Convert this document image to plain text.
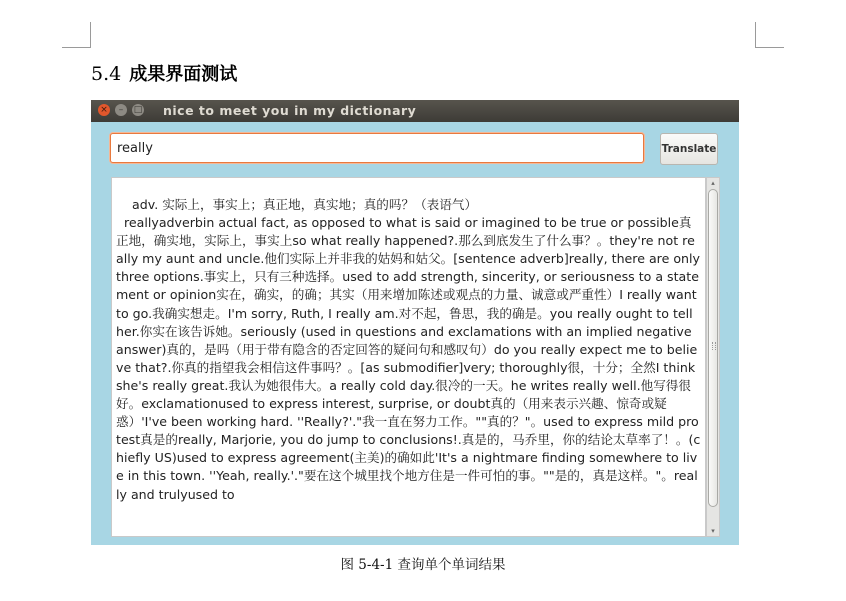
5.4 成果界面测试
×	–	□ nice to meet you in my dictionary
really
Translate

adv. 实际上，事实上；真正地，真实地；真的吗？（表语气）
reallyadverbin actual fact, as opposed to what is said or imagined to be true or possible真正地，确实地，实际上，事实上so what really happened?.那么到底发生了什么事？。they're not really my aunt and uncle.他们实际上并非我的姑妈和姑父。[sentence adverb]really, there are only three options.事实上，只有三种选择。used to add strength, sincerity, or seriousness to a statement or opinion实在，确实，的确；其实（用来增加陈述或观点的力量、诚意或严重性）I really want to go.我确实想走。I'm sorry, Ruth, I really am.对不起，鲁思，我的确是。you really ought to tell her.你实在该告诉她。seriously (used in questions and exclamations with an implied negative answer)真的，是吗（用于带有隐含的否定回答的疑问句和感叹句）do you really expect me to believe that?.你真的指望我会相信这件事吗？。[as submodifier]very; thoroughly很，十分；全然I think she's really great.我认为她很伟大。a really cold day.很冷的一天。he writes really well.他写得很好。exclamationused to express interest, surprise, or doubt真的（用来表示兴趣、惊奇或疑惑）'I've been working hard. ''Really?'."我一直在努力工作。""真的？"。used to express mild protest真是的really, Marjorie, you do jump to conclusions!.真是的，马乔里，你的结论太草率了！。(chiefly US)used to express agreement(主美)的确如此'It's a nightmare finding somewhere to live in this town. ''Yeah, really.'."要在这个城里找个地方住是一件可怕的事。""是的，真是这样。"。really and trulyused to

▴
▾
图 5-4-1 查询单个单词结果
